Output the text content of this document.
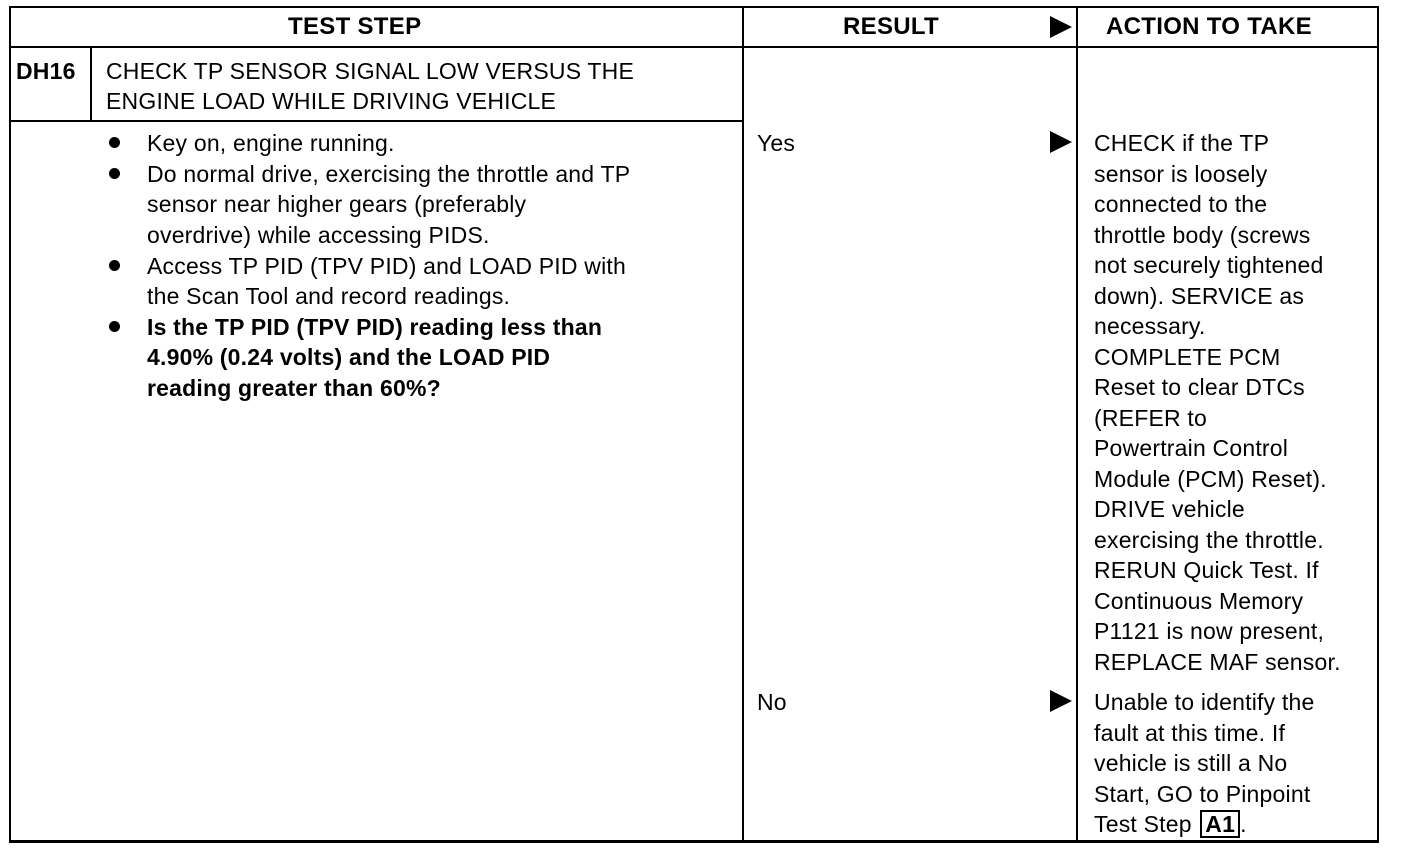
TEST STEP	RESULT	ACTION TO TAKE
DH16 CHECK TP SENSOR SIGNAL LOW VERSUS THE
ENGINE LOAD WHILE DRIVING VEHICLE
Key on, engine running.
Do normal drive, exercising the throttle and TP
sensor near higher gears (preferably
overdrive) while accessing PIDS.
Access TP PID (TPV PID) and LOAD PID with
the Scan Tool and record readings.
Is the TP PID (TPV PID) reading less than
4.90% (0.24 volts) and the LOAD PID
reading greater than 60%?
Yes	CHECK if the TP
sensor is loosely
connected to the
throttle body (screws
not securely tightened
down). SERVICE as
necessary.
COMPLETE PCM
Reset to clear DTCs
(REFER to
Powertrain Control
Module (PCM) Reset).
DRIVE vehicle
exercising the throttle.
RERUN Quick Test. If
Continuous Memory
P1121 is now present,
REPLACE MAF sensor.
No	Unable to identify the
fault at this time. If
vehicle is still a No
Start, GO to Pinpoint
Test Step A1 .
